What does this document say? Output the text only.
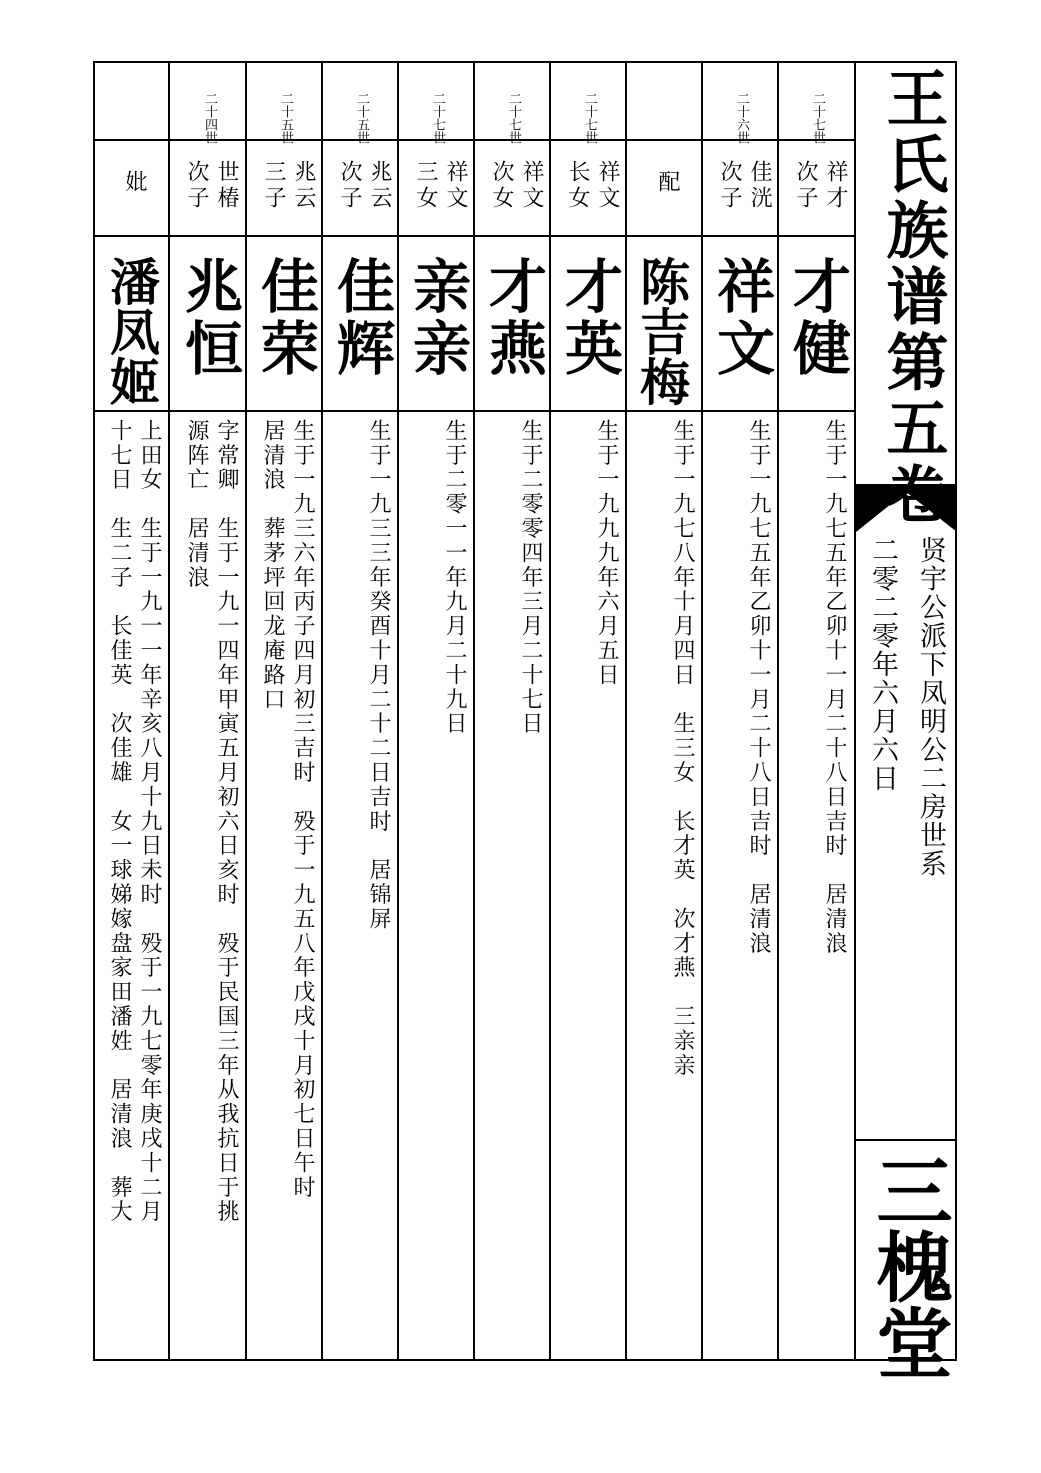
王氏族谱第五卷
贤宇公派下凤明公二房世系
二零二零年六月六日
三槐堂
二十七世
祥才
次子
才健
生于一九七五年乙卯十一月二十八日吉时　居清浪
二十六世
佳洸
次子
祥文
生于一九七五年乙卯十一月二十八日吉时　居清浪
配
陈吉梅
生于一九七八年十月四日　生三女　长才英　次才燕　三亲亲
二十七世
祥文
长女
才英
生于一九九九年六月五日
二十七世
祥文
次女
才燕
生于二零零四年三月二十七日
二十七世
祥文
三女
亲亲
生于二零一一年九月二十九日
二十五世
兆云
次子
佳辉
生于一九三三年癸酉十月二十二日吉时　居锦屏
二十五世
兆云
三子
佳荣
生于一九三六年丙子四月初三吉时　殁于一九五八年戊戌十月初七日午时
居清浪　葬茅坪回龙庵路口
二十四世
世椿
次子
兆恒
字常卿　生于一九一四年甲寅五月初六日亥时　殁于民国三年从我抗日于挑
源阵亡　居清浪
妣
潘凤姬
上田女　生于一九一一年辛亥八月十九日未时　殁于一九七零年庚戌十二月
十七日　生二子　长佳英　次佳雄　女一球娣嫁盘家田潘姓　居清浪　葬大
